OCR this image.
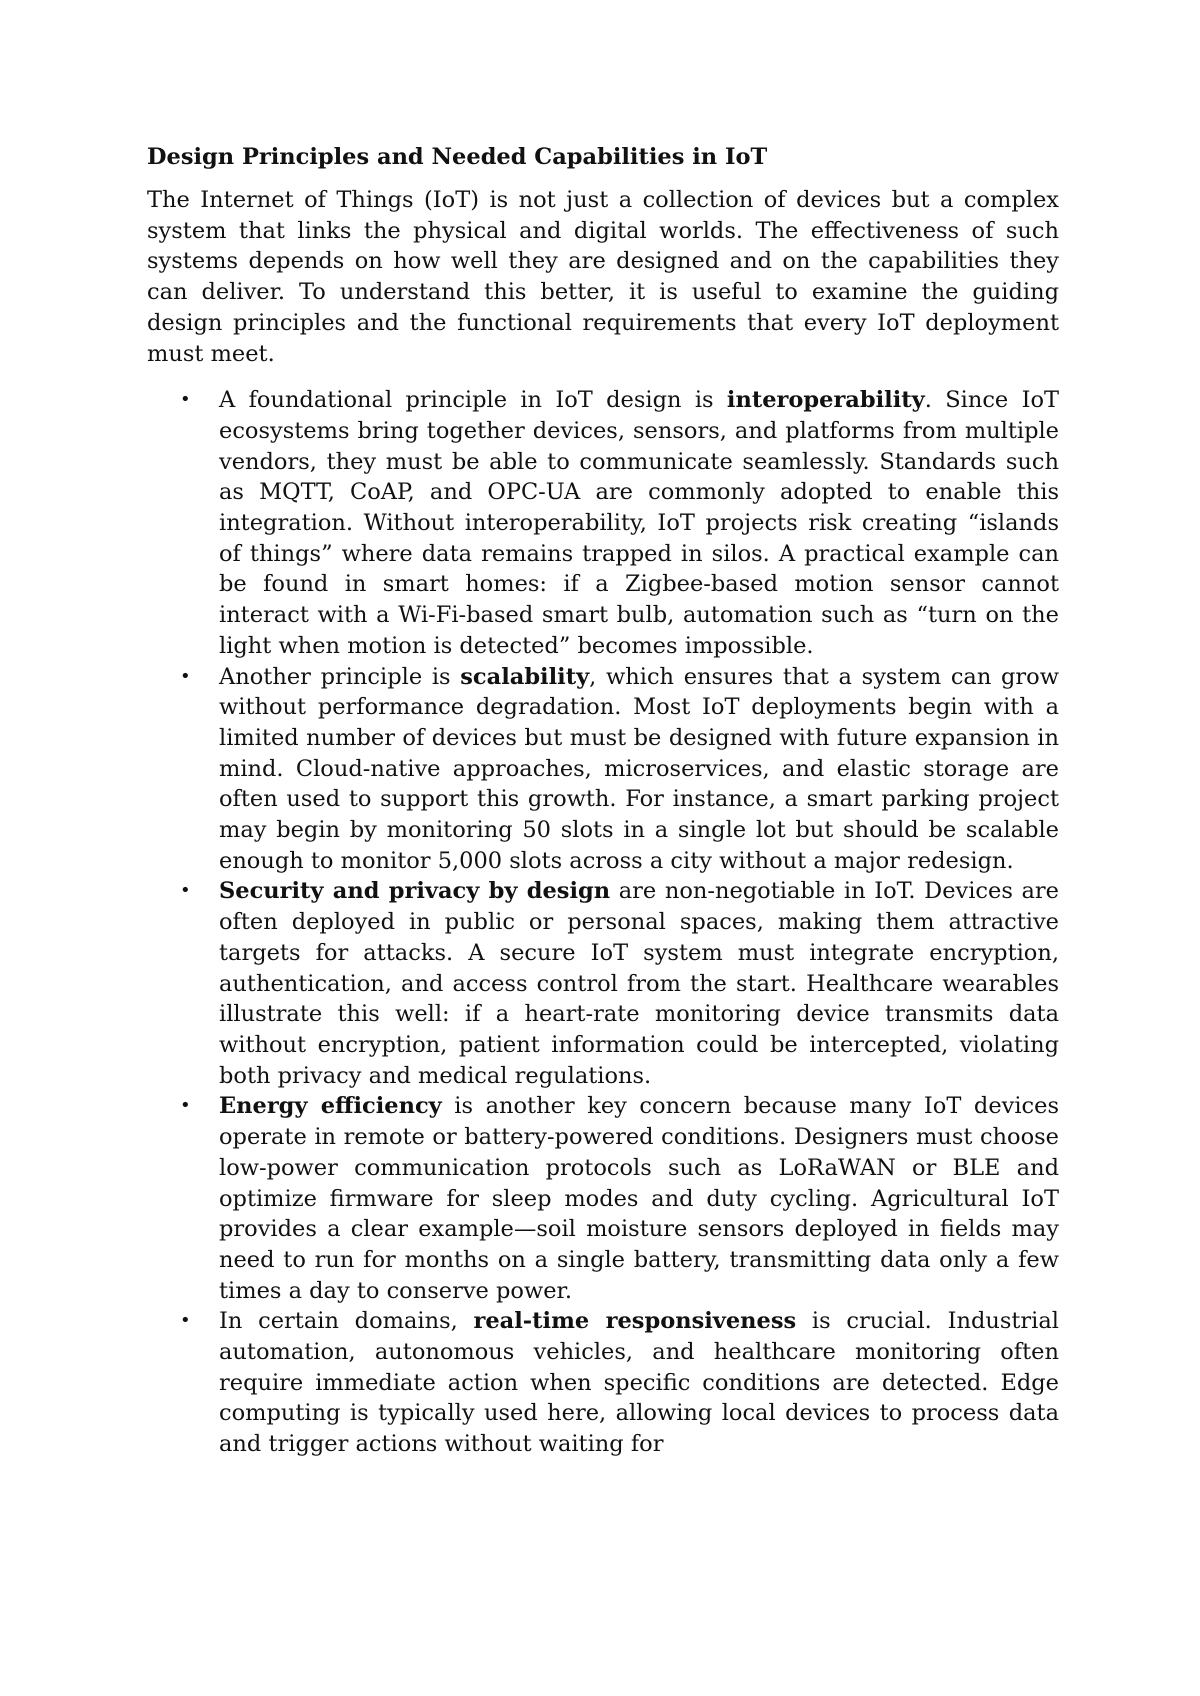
Design Principles and Needed Capabilities in IoT

The Internet of Things (IoT) is not just a collection of devices but a complex system that links the physical and digital worlds. The effectiveness of such systems depends on how well they are designed and on the capabilities they can deliver. To understand this better, it is useful to examine the guiding design principles and the functional requirements that every IoT deployment must meet.

• A foundational principle in IoT design is interoperability. Since IoT ecosystems bring together devices, sensors, and platforms from multiple vendors, they must be able to communicate seamlessly. Standards such as MQTT, CoAP, and OPC-UA are commonly adopted to enable this integration. Without interoperability, IoT projects risk creating “islands of things” where data remains trapped in silos. A practical example can be found in smart homes: if a Zigbee-based motion sensor cannot interact with a Wi-Fi-based smart bulb, automation such as “turn on the light when motion is detected” becomes impossible.
• Another principle is scalability, which ensures that a system can grow without performance degradation. Most IoT deployments begin with a limited number of devices but must be designed with future expansion in mind. Cloud-native approaches, microservices, and elastic storage are often used to support this growth. For instance, a smart parking project may begin by monitoring 50 slots in a single lot but should be scalable enough to monitor 5,000 slots across a city without a major redesign.
• Security and privacy by design are non-negotiable in IoT. Devices are often deployed in public or personal spaces, making them attractive targets for attacks. A secure IoT system must integrate encryption, authentication, and access control from the start. Healthcare wearables illustrate this well: if a heart-rate monitoring device transmits data without encryption, patient information could be intercepted, violating both privacy and medical regulations.
• Energy efficiency is another key concern because many IoT devices operate in remote or battery-powered conditions. Designers must choose low-power communication protocols such as LoRaWAN or BLE and optimize firmware for sleep modes and duty cycling. Agricultural IoT provides a clear example—soil moisture sensors deployed in fields may need to run for months on a single battery, transmitting data only a few times a day to conserve power.
• In certain domains, real-time responsiveness is crucial. Industrial automation, autonomous vehicles, and healthcare monitoring often require immediate action when specific conditions are detected. Edge computing is typically used here, allowing local devices to process data and trigger actions without waiting for
